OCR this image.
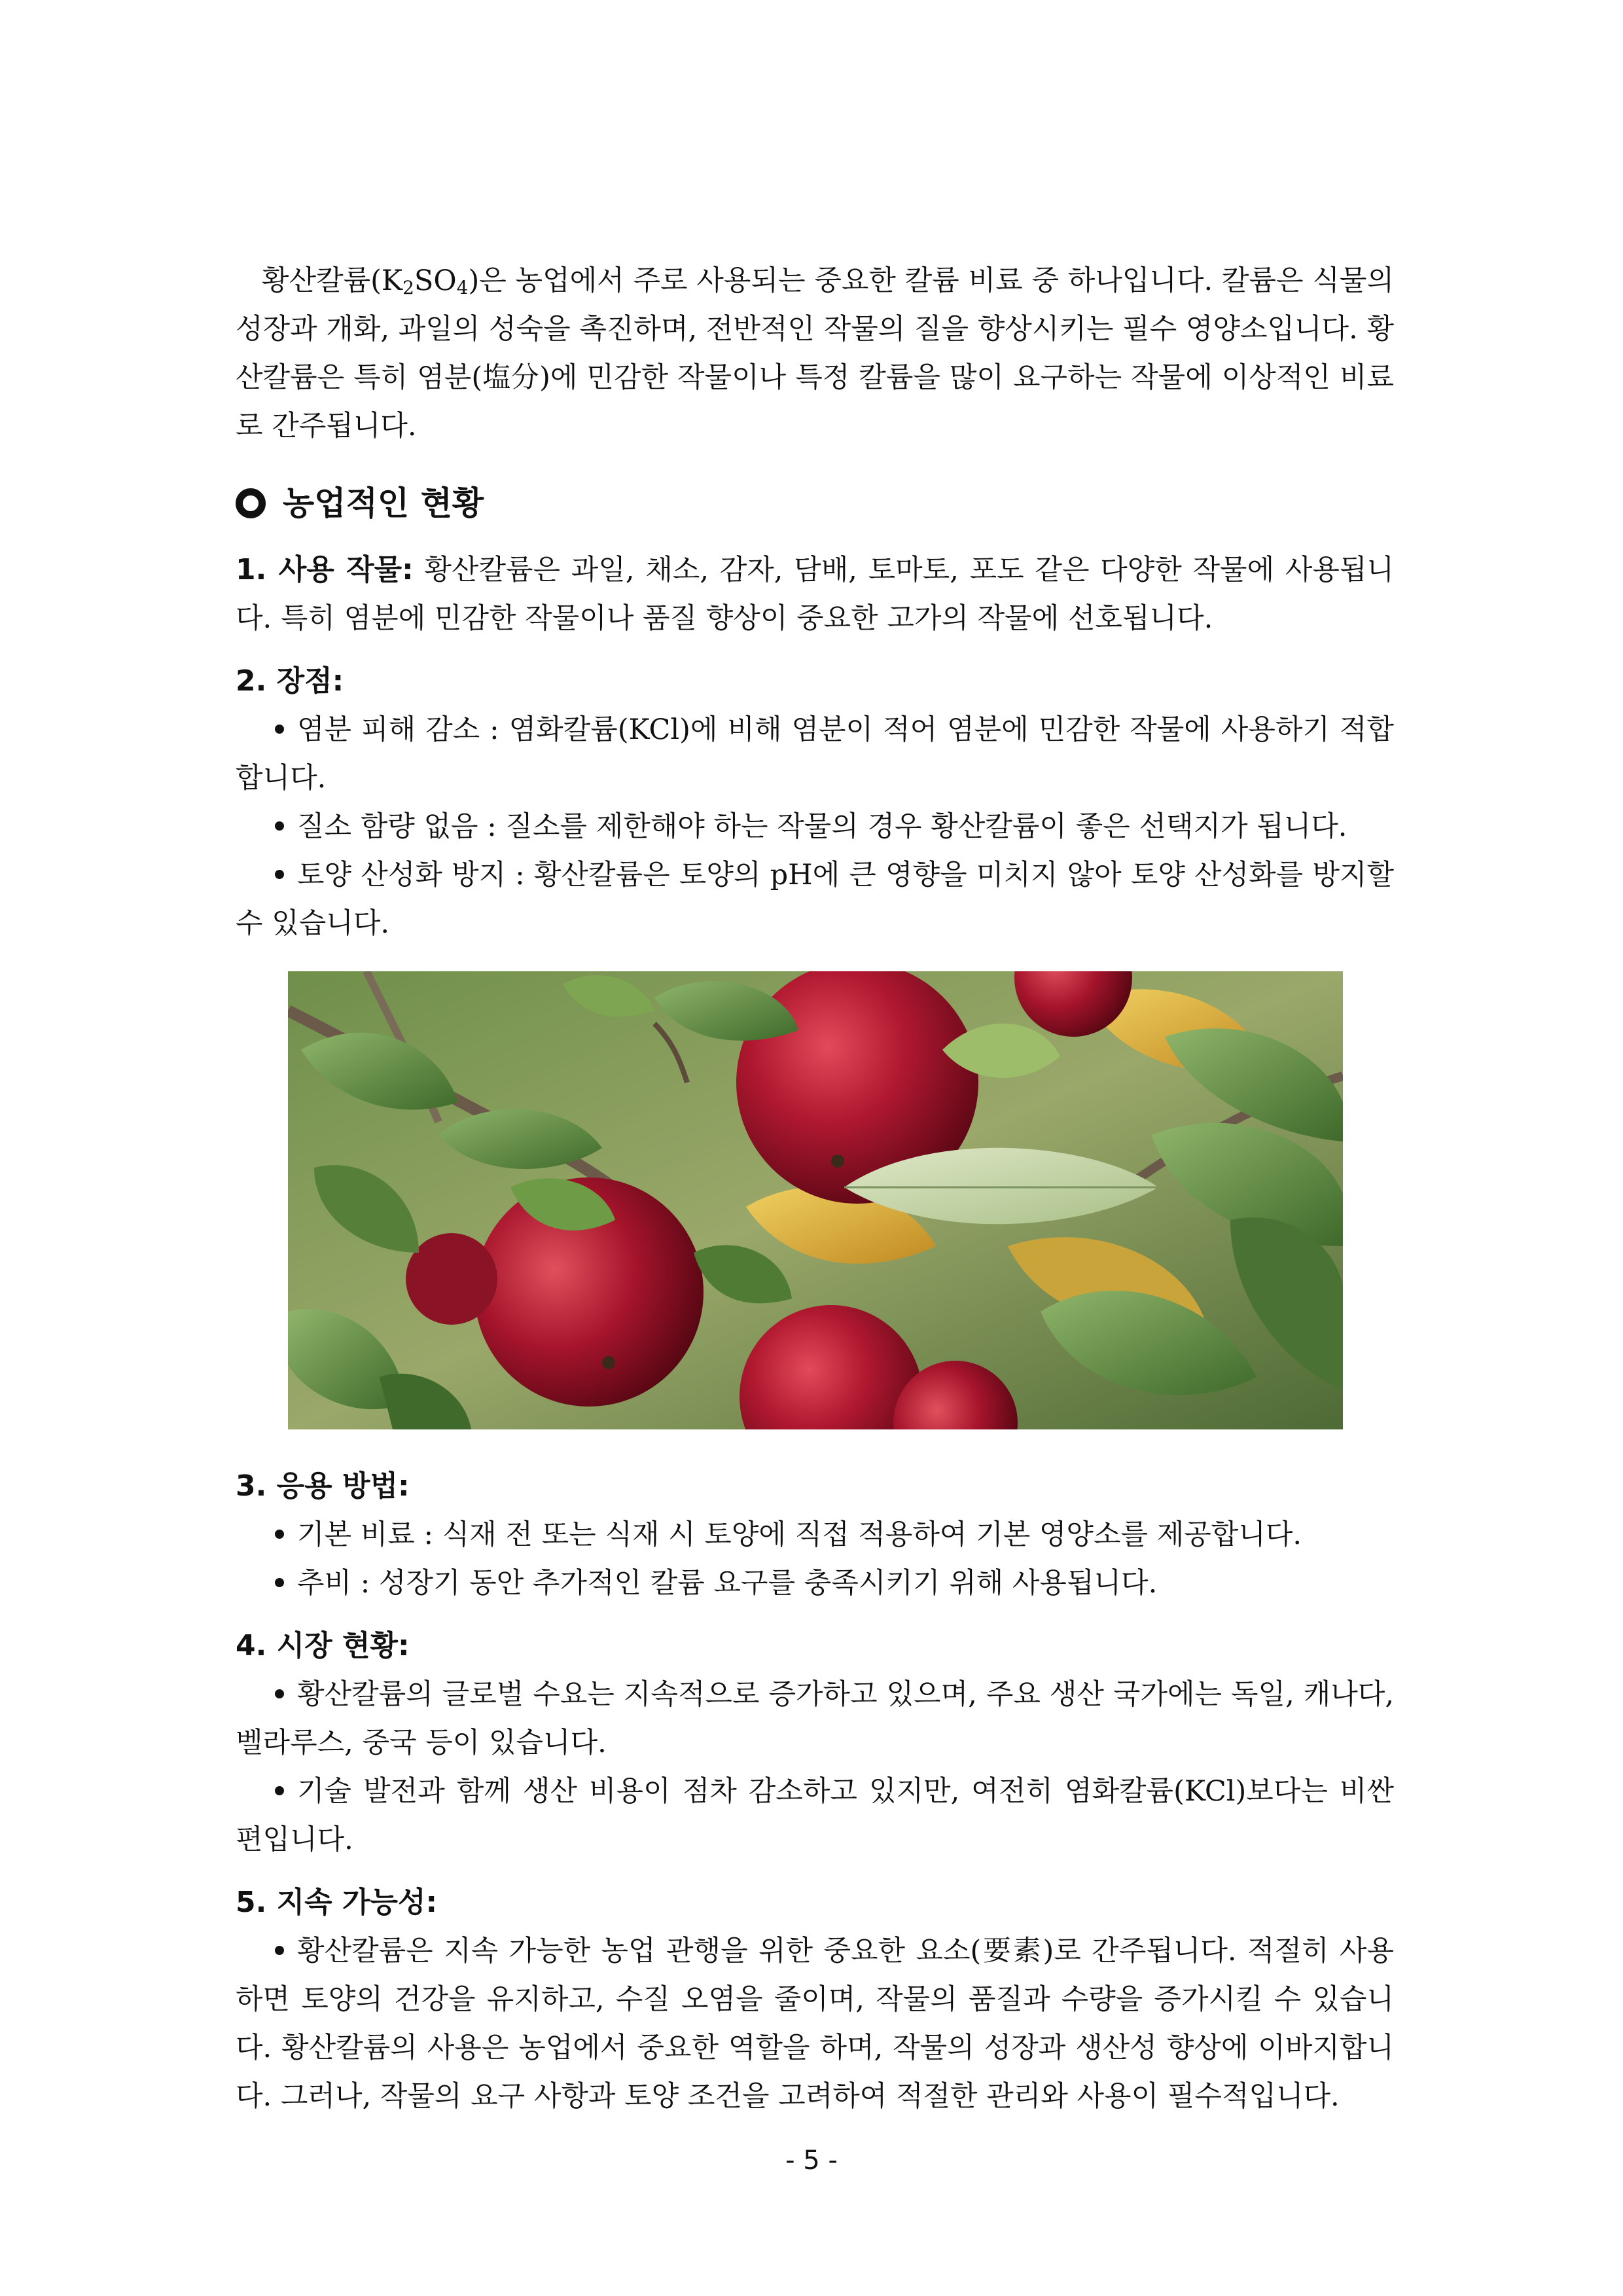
황산칼륨$(K_2SO_4)$은 농업에서 주로 사용되는 중요한 칼륨 비료 중 하나입니다. 칼륨은 식물의 성장과 개화, 과일의 성숙을 촉진하며, 전반적인 작물의 질을 향상시키는 필수 영양소입니다. 황산칼륨은 특히 염분(塩分)에 민감한 작물이나 특정 칼륨을 많이 요구하는 작물에 이상적인 비료로 간주됩니다.

농업적인 현황

1. 사용 작물: 황산칼륨은 과일, 채소, 감자, 담배, 토마토, 포도 같은 다양한 작물에 사용됩니다. 특히 염분에 민감한 작물이나 품질 향상이 중요한 고가의 작물에 선호됩니다.

2. 장점:

염분 피해 감소 : 염화칼륨(KCl)에 비해 염분이 적어 염분에 민감한 작물에 사용하기 적합합니다.

질소 함량 없음 : 질소를 제한해야 하는 작물의 경우 황산칼륨이 좋은 선택지가 됩니다.

토양 산성화 방지 : 황산칼륨은 토양의 pH에 큰 영향을 미치지 않아 토양 산성화를 방지할 수 있습니다.

3. 응용 방법:

기본 비료 : 식재 전 또는 식재 시 토양에 직접 적용하여 기본 영양소를 제공합니다.

추비 : 성장기 동안 추가적인 칼륨 요구를 충족시키기 위해 사용됩니다.

4. 시장 현황:

황산칼륨의 글로벌 수요는 지속적으로 증가하고 있으며, 주요 생산 국가에는 독일, 캐나다, 벨라루스, 중국 등이 있습니다.

기술 발전과 함께 생산 비용이 점차 감소하고 있지만, 여전히 염화칼륨(KCl)보다는 비싼 편입니다.

5. 지속 가능성:

황산칼륨은 지속 가능한 농업 관행을 위한 중요한 요소(要素)로 간주됩니다. 적절히 사용하면 토양의 건강을 유지하고, 수질 오염을 줄이며, 작물의 품질과 수량을 증가시킬 수 있습니다. 황산칼륨의 사용은 농업에서 중요한 역할을 하며, 작물의 성장과 생산성 향상에 이바지합니다. 그러나, 작물의 요구 사항과 토양 조건을 고려하여 적절한 관리와 사용이 필수적입니다.

- 5 -
